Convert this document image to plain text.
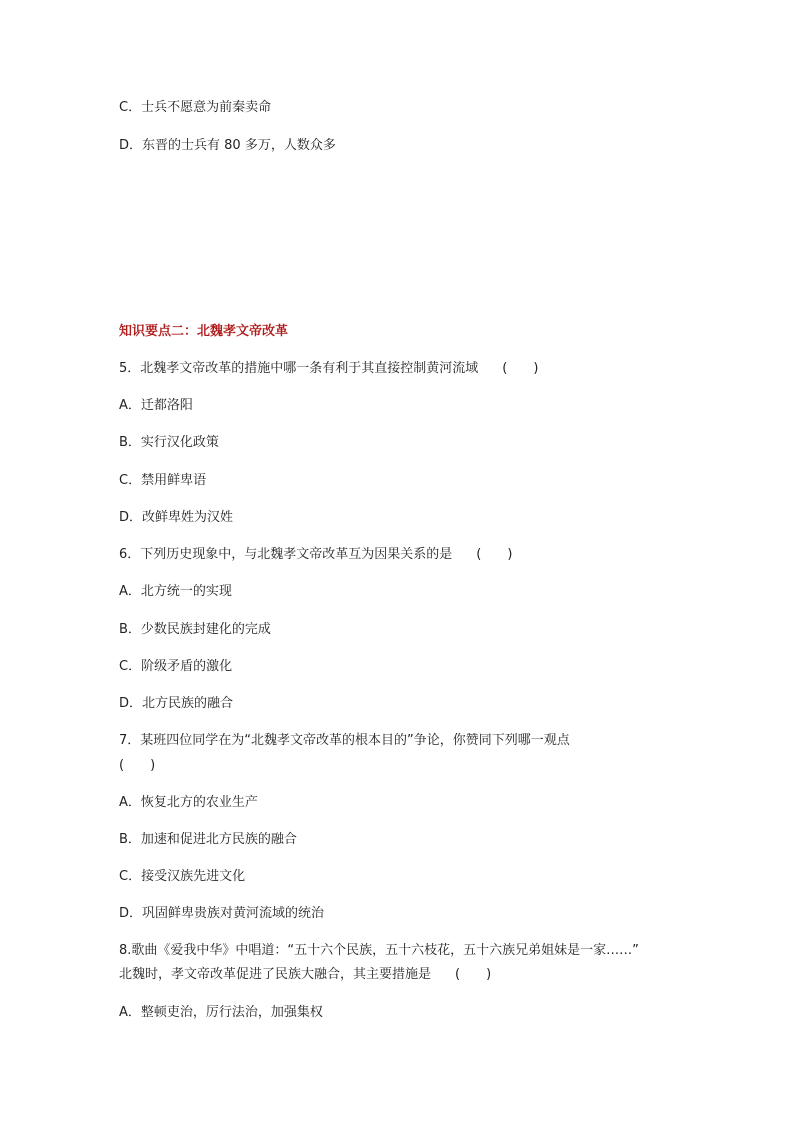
C．士兵不愿意为前秦卖命
D．东晋的士兵有 80 多万，人数众多
知识要点二：北魏孝文帝改革
5．北魏孝文帝改革的措施中哪一条有利于其直接控制黄河流域 (　　)
A．迁都洛阳
B．实行汉化政策
C．禁用鲜卑语
D．改鲜卑姓为汉姓
6．下列历史现象中，与北魏孝文帝改革互为因果关系的是 (　　)
A．北方统一的实现
B．少数民族封建化的完成
C．阶级矛盾的激化
D．北方民族的融合
7．某班四位同学在为“北魏孝文帝改革的根本目的”争论，你赞同下列哪一观点
(　　)
A．恢复北方的农业生产
B．加速和促进北方民族的融合
C．接受汉族先进文化
D．巩固鲜卑贵族对黄河流域的统治
8.歌曲《爱我中华》中唱道：“五十六个民族，五十六枝花，五十六族兄弟姐妹是一家……”
北魏时，孝文帝改革促进了民族大融合，其主要措施是 (　　)
A．整顿吏治，厉行法治，加强集权
